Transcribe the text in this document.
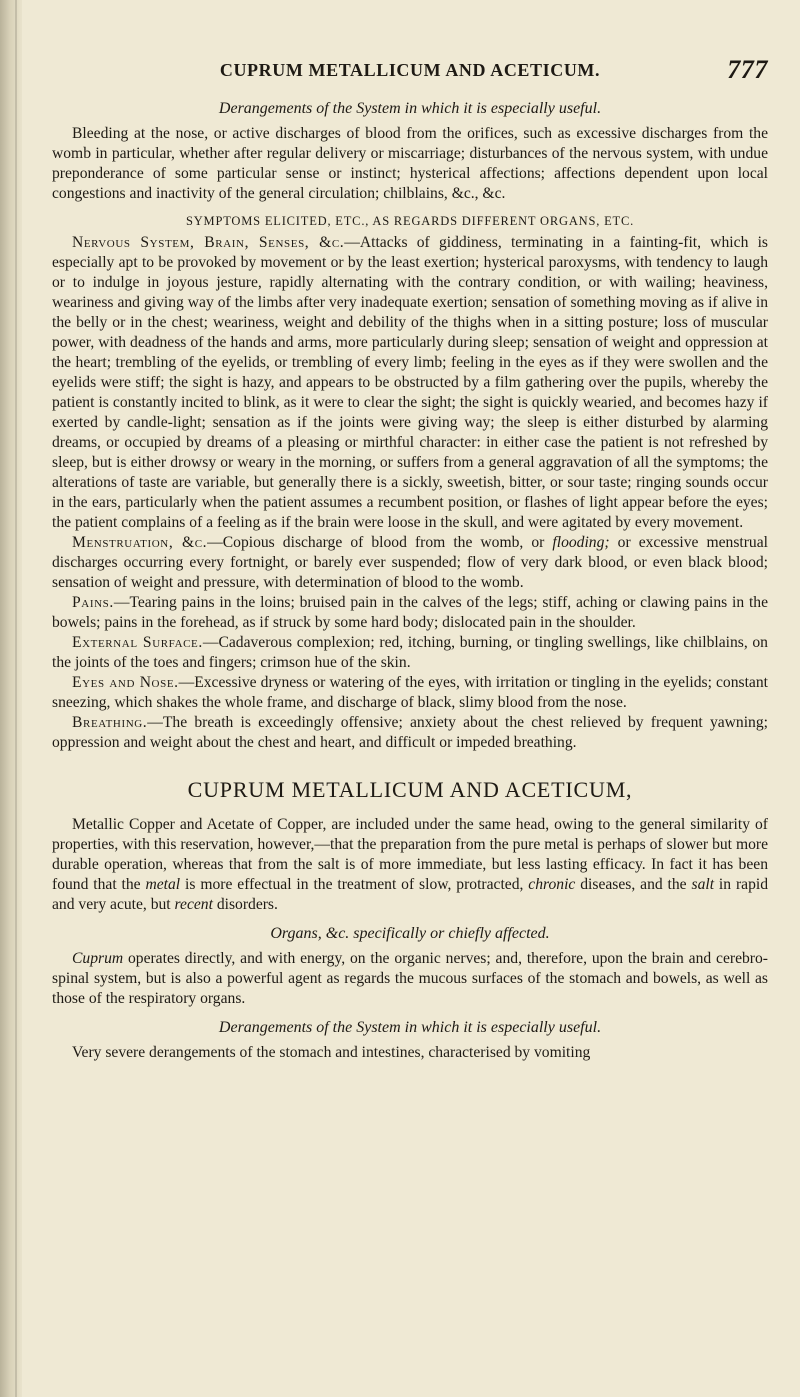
CUPRUM METALLICUM AND ACETICUM.	777
Derangements of the System in which it is especially useful.

Bleeding at the nose, or active discharges of blood from the orifices, such as excessive discharges from the womb in particular, whether after regular delivery or miscarriage; disturbances of the nervous system, with undue preponderance of some particular sense or instinct; hysterical affections; affections dependent upon local congestions and inactivity of the general circulation; chilblains, &c., &c.

SYMPTOMS ELICITED, ETC., AS REGARDS DIFFERENT ORGANS, ETC.

Nervous System, Brain, Senses, &c.—Attacks of giddiness, terminating in a fainting-fit, which is especially apt to be provoked by movement or by the least exertion; hysterical paroxysms, with tendency to laugh or to indulge in joyous jesture, rapidly alternating with the contrary condition, or with wailing; heaviness, weariness and giving way of the limbs after very inadequate exertion; sensation of something moving as if alive in the belly or in the chest; weariness, weight and debility of the thighs when in a sitting posture; loss of muscular power, with deadness of the hands and arms, more particularly during sleep; sensation of weight and oppression at the heart; trembling of the eyelids, or trembling of every limb; feeling in the eyes as if they were swollen and the eyelids were stiff; the sight is hazy, and appears to be obstructed by a film gathering over the pupils, whereby the patient is constantly incited to blink, as it were to clear the sight; the sight is quickly wearied, and becomes hazy if exerted by candle-light; sensation as if the joints were giving way; the sleep is either disturbed by alarming dreams, or occupied by dreams of a pleasing or mirthful character: in either case the patient is not refreshed by sleep, but is either drowsy or weary in the morning, or suffers from a general aggravation of all the symptoms; the alterations of taste are variable, but generally there is a sickly, sweetish, bitter, or sour taste; ringing sounds occur in the ears, particularly when the patient assumes a recumbent position, or flashes of light appear before the eyes; the patient complains of a feeling as if the brain were loose in the skull, and were agitated by every movement.

Menstruation, &c.—Copious discharge of blood from the womb, or flooding; or excessive menstrual discharges occurring every fortnight, or barely ever suspended; flow of very dark blood, or even black blood; sensation of weight and pressure, with determination of blood to the womb.

Pains.—Tearing pains in the loins; bruised pain in the calves of the legs; stiff, aching or clawing pains in the bowels; pains in the forehead, as if struck by some hard body; dislocated pain in the shoulder.

External Surface.—Cadaverous complexion; red, itching, burning, or tingling swellings, like chilblains, on the joints of the toes and fingers; crimson hue of the skin.

Eyes and Nose.—Excessive dryness or watering of the eyes, with irritation or tingling in the eyelids; constant sneezing, which shakes the whole frame, and discharge of black, slimy blood from the nose.

Breathing.—The breath is exceedingly offensive; anxiety about the chest relieved by frequent yawning; oppression and weight about the chest and heart, and difficult or impeded breathing.

CUPRUM METALLICUM AND ACETICUM,

Metallic Copper and Acetate of Copper, are included under the same head, owing to the general similarity of properties, with this reservation, however,—that the preparation from the pure metal is perhaps of slower but more durable operation, whereas that from the salt is of more immediate, but less lasting efficacy. In fact it has been found that the metal is more effectual in the treatment of slow, protracted, chronic diseases, and the salt in rapid and very acute, but recent disorders.

Organs, &c. specifically or chiefly affected.

Cuprum operates directly, and with energy, on the organic nerves; and, therefore, upon the brain and cerebro-spinal system, but is also a powerful agent as regards the mucous surfaces of the stomach and bowels, as well as those of the respiratory organs.

Derangements of the System in which it is especially useful.

Very severe derangements of the stomach and intestines, characterised by vomiting
